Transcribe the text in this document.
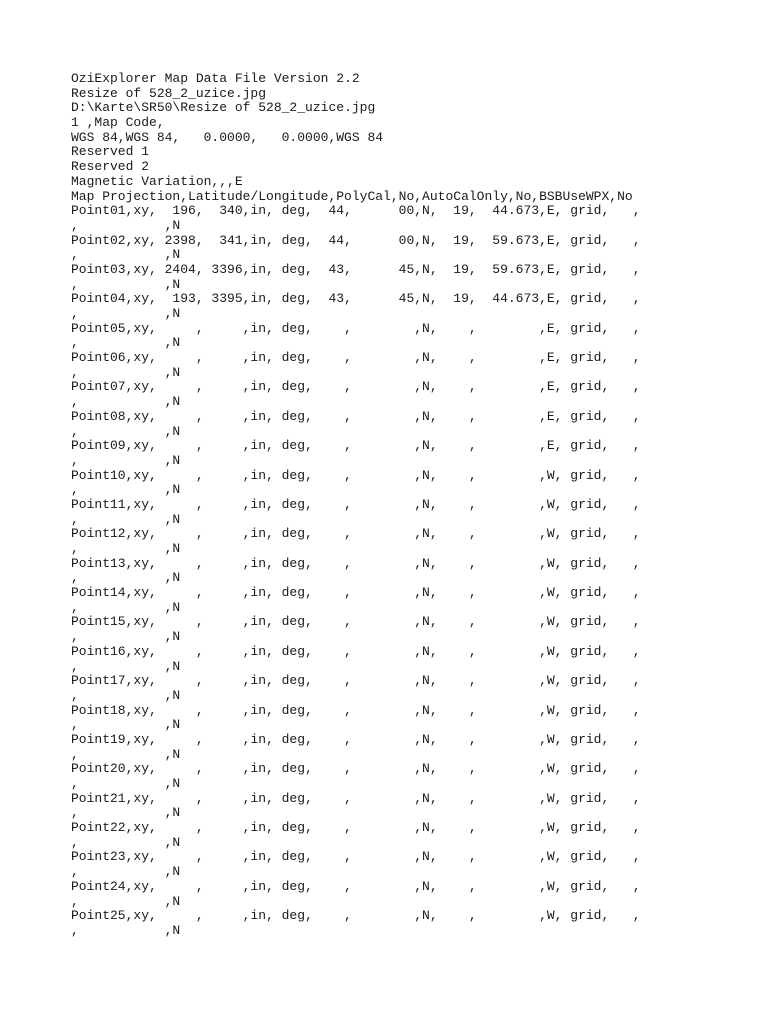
OziExplorer Map Data File Version 2.2
Resize of 528_2_uzice.jpg
D:\Karte\SR50\Resize of 528_2_uzice.jpg
1 ,Map Code,
WGS 84,WGS 84,   0.0000,   0.0000,WGS 84
Reserved 1
Reserved 2
Magnetic Variation,,,E
Map Projection,Latitude/Longitude,PolyCal,No,AutoCalOnly,No,BSBUseWPX,No
Point01,xy,  196,  340,in, deg,  44,      00,N,  19,  44.673,E, grid,   ,
,           ,N
Point02,xy, 2398,  341,in, deg,  44,      00,N,  19,  59.673,E, grid,   ,
,           ,N
Point03,xy, 2404, 3396,in, deg,  43,      45,N,  19,  59.673,E, grid,   ,
,           ,N
Point04,xy,  193, 3395,in, deg,  43,      45,N,  19,  44.673,E, grid,   ,
,           ,N
Point05,xy,     ,     ,in, deg,    ,        ,N,    ,        ,E, grid,   ,
,           ,N
Point06,xy,     ,     ,in, deg,    ,        ,N,    ,        ,E, grid,   ,
,           ,N
Point07,xy,     ,     ,in, deg,    ,        ,N,    ,        ,E, grid,   ,
,           ,N
Point08,xy,     ,     ,in, deg,    ,        ,N,    ,        ,E, grid,   ,
,           ,N
Point09,xy,     ,     ,in, deg,    ,        ,N,    ,        ,E, grid,   ,
,           ,N
Point10,xy,     ,     ,in, deg,    ,        ,N,    ,        ,W, grid,   ,
,           ,N
Point11,xy,     ,     ,in, deg,    ,        ,N,    ,        ,W, grid,   ,
,           ,N
Point12,xy,     ,     ,in, deg,    ,        ,N,    ,        ,W, grid,   ,
,           ,N
Point13,xy,     ,     ,in, deg,    ,        ,N,    ,        ,W, grid,   ,
,           ,N
Point14,xy,     ,     ,in, deg,    ,        ,N,    ,        ,W, grid,   ,
,           ,N
Point15,xy,     ,     ,in, deg,    ,        ,N,    ,        ,W, grid,   ,
,           ,N
Point16,xy,     ,     ,in, deg,    ,        ,N,    ,        ,W, grid,   ,
,           ,N
Point17,xy,     ,     ,in, deg,    ,        ,N,    ,        ,W, grid,   ,
,           ,N
Point18,xy,     ,     ,in, deg,    ,        ,N,    ,        ,W, grid,   ,
,           ,N
Point19,xy,     ,     ,in, deg,    ,        ,N,    ,        ,W, grid,   ,
,           ,N
Point20,xy,     ,     ,in, deg,    ,        ,N,    ,        ,W, grid,   ,
,           ,N
Point21,xy,     ,     ,in, deg,    ,        ,N,    ,        ,W, grid,   ,
,           ,N
Point22,xy,     ,     ,in, deg,    ,        ,N,    ,        ,W, grid,   ,
,           ,N
Point23,xy,     ,     ,in, deg,    ,        ,N,    ,        ,W, grid,   ,
,           ,N
Point24,xy,     ,     ,in, deg,    ,        ,N,    ,        ,W, grid,   ,
,           ,N
Point25,xy,     ,     ,in, deg,    ,        ,N,    ,        ,W, grid,   ,
,           ,N
